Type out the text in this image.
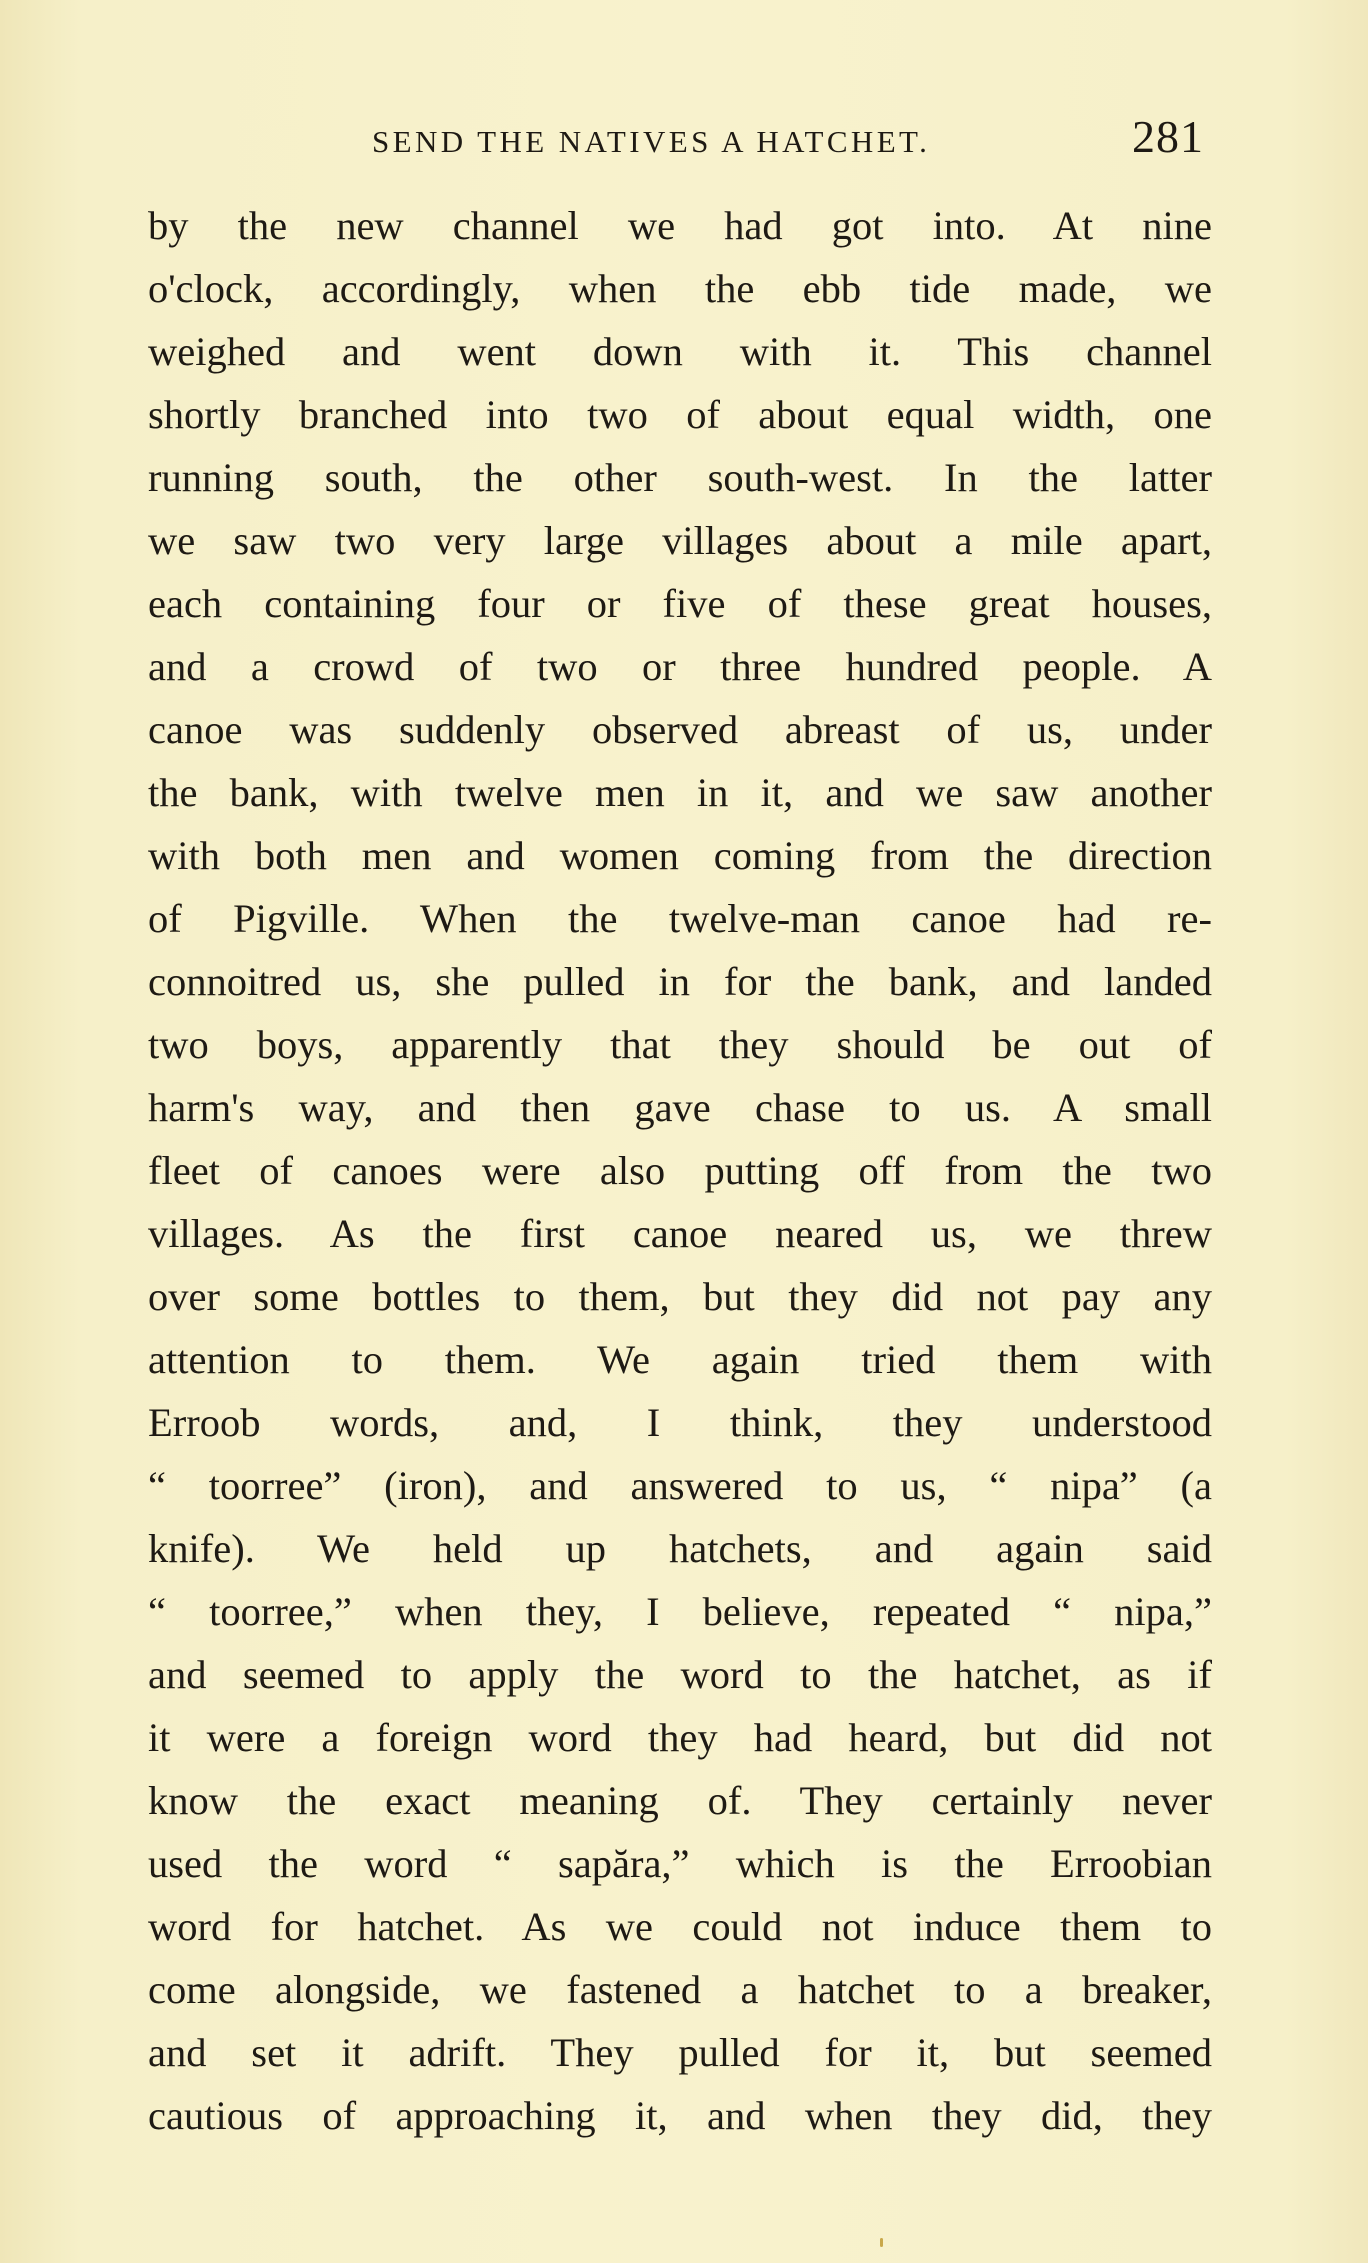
SEND THE NATIVES A HATCHET.	281
by the new channel we had got into. At nine
o'clock, accordingly, when the ebb tide made, we
weighed and went down with it. This channel
shortly branched into two of about equal width, one
running south, the other south-west. In the latter
we saw two very large villages about a mile apart,
each containing four or five of these great houses,
and a crowd of two or three hundred people. A
canoe was suddenly observed abreast of us, under
the bank, with twelve men in it, and we saw another
with both men and women coming from the direction
of Pigville. When the twelve-man canoe had re-
connoitred us, she pulled in for the bank, and landed
two boys, apparently that they should be out of
harm's way, and then gave chase to us. A small
fleet of canoes were also putting off from the two
villages. As the first canoe neared us, we threw
over some bottles to them, but they did not pay any
attention to them. We again tried them with
Erroob words, and, I think, they understood
“ toorree” (iron), and answered to us, “ nipa” (a
knife). We held up hatchets, and again said
“ toorree,” when they, I believe, repeated “ nipa,”
and seemed to apply the word to the hatchet, as if
it were a foreign word they had heard, but did not
know the exact meaning of. They certainly never
used the word “ sapăra,” which is the Erroobian
word for hatchet. As we could not induce them to
come alongside, we fastened a hatchet to a breaker,
and set it adrift. They pulled for it, but seemed
cautious of approaching it, and when they did, they
